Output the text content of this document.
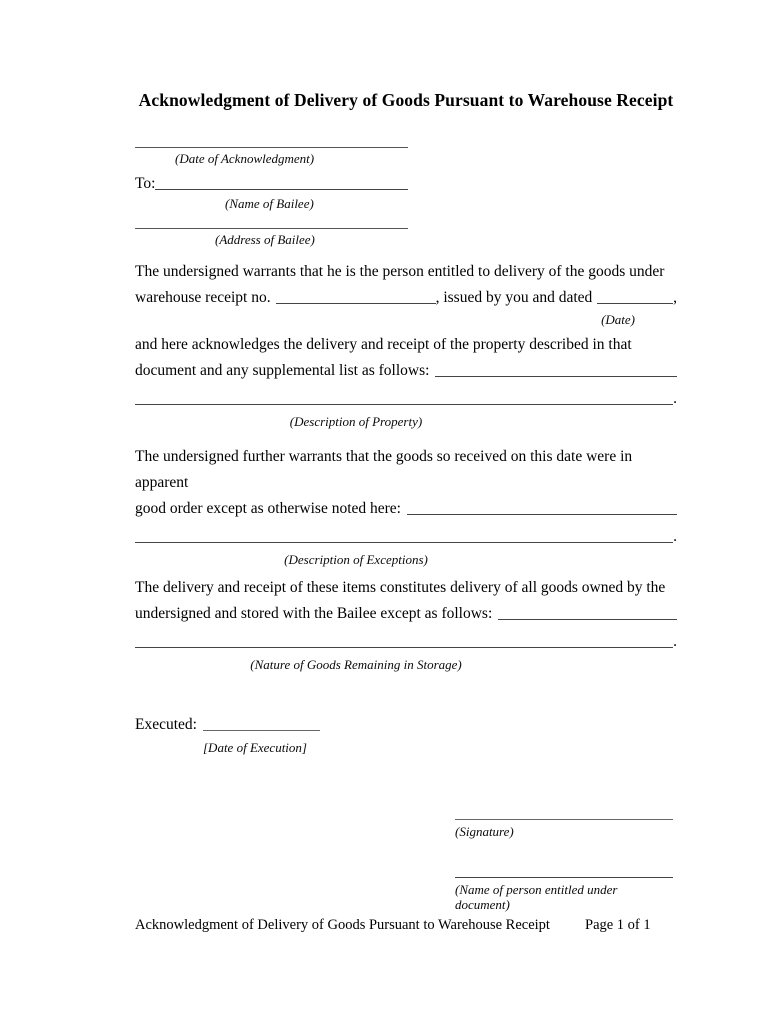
Acknowledgment of Delivery of Goods Pursuant to Warehouse Receipt
(Date of Acknowledgment)
To:
(Name of Bailee)
(Address of Bailee)
The undersigned warrants that he is the person entitled to delivery of the goods under
warehouse receipt no.	, issued by you and dated	,
(Date)
and here acknowledges the delivery and receipt of the property described in that
document and any supplemental list as follows:
.
(Description of Property)
The undersigned further warrants that the goods so received on this date were in apparent
good order except as otherwise noted here:
.
(Description of Exceptions)
The delivery and receipt of these items constitutes delivery of all goods owned by the
undersigned and stored with the Bailee except as follows:
.
(Nature of Goods Remaining in Storage)
Executed:
[Date of Execution]
(Signature)
(Name of person entitled under document)
Acknowledgment of Delivery of Goods Pursuant to Warehouse Receipt Page 1 of 1
